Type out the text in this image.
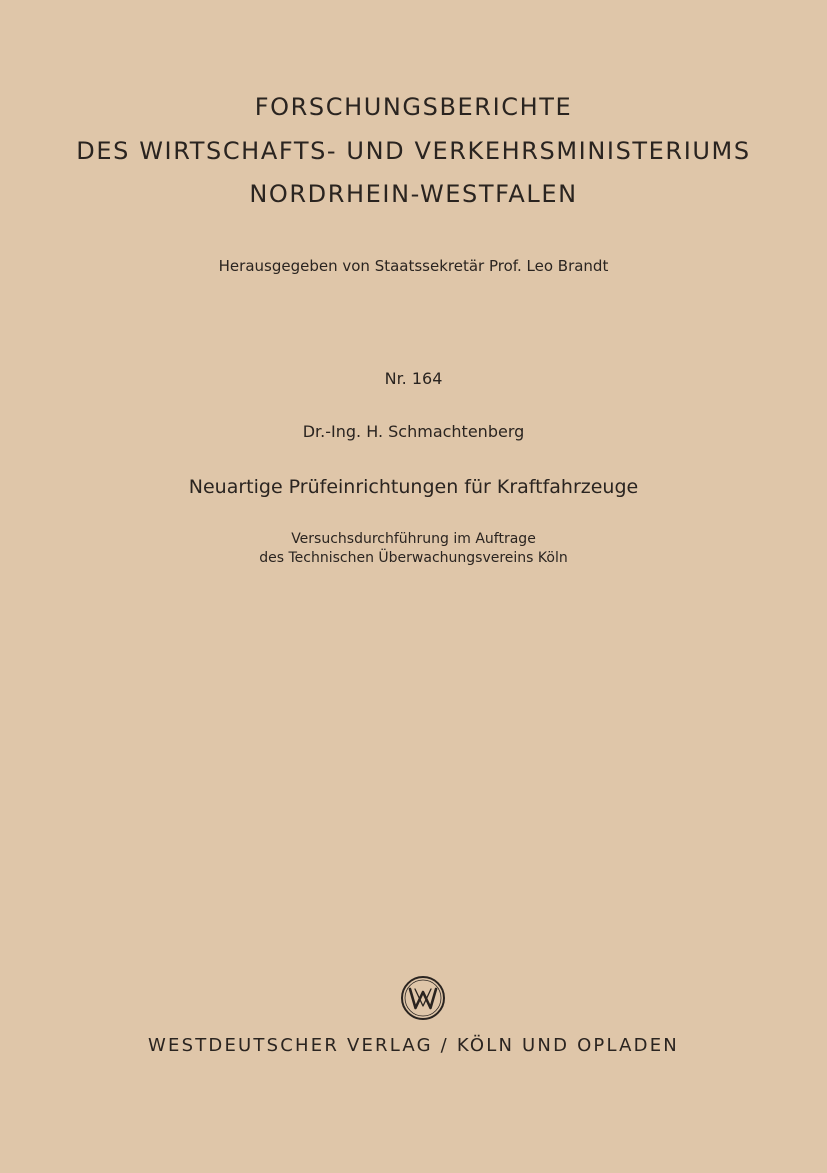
FORSCHUNGSBERICHTE
DES WIRTSCHAFTS- UND VERKEHRSMINISTERIUMS
NORDRHEIN-WESTFALEN
Herausgegeben von Staatssekretär Prof. Leo Brandt
Nr. 164
Dr.-Ing. H. Schmachtenberg
Neuartige Prüfeinrichtungen für Kraftfahrzeuge
Versuchsdurchführung im Auftrage
des Technischen Überwachungsvereins Köln
WESTDEUTSCHER VERLAG / KÖLN UND OPLADEN
